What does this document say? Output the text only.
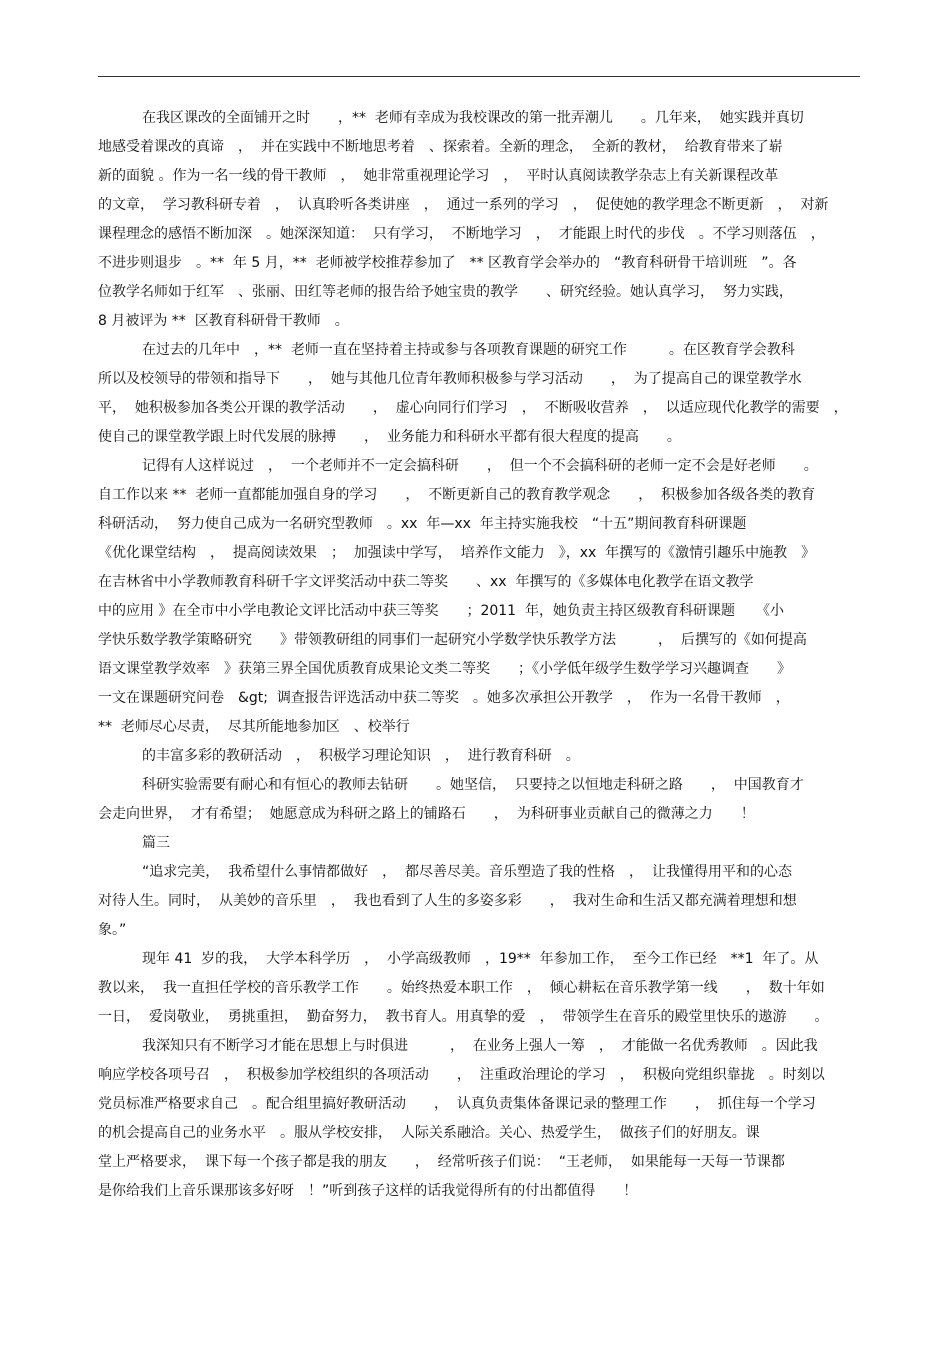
在我区课改的全面铺开之时　　，**  老师有幸成为我校课改的第一批弄潮儿　　。几年来，  她实践并真切
地感受着课改的真谛　，  并在实践中不断地思考着　、探索着。全新的理念，  全新的教材，  给教育带来了崭
新的面貌 。作为一名一线的骨干教师　，  她非常重视理论学习　，  平时认真阅读教学杂志上有关新课程改革
的文章，  学习教科研专着　，  认真聆听各类讲座　，  通过一系列的学习　，  促使她的教学理念不断更新　，  对新
课程理念的感悟不断加深　。她深深知道：  只有学习，  不断地学习　，  才能跟上时代的步伐　。不学习则落伍　，
不进步则退步　。**  年 5 月，**  老师被学校推荐参加了　** 区教育学会举办的　“教育科研骨干培训班　”。各
位教学名师如于红军　、张丽、田红等老师的报告给予她宝贵的教学　　、研究经验。她认真学习，  努力实践，
8 月被评为 **  区教育科研骨干教师　。
在过去的几年中　，**  老师一直在坚持着主持或参与各项教育课题的研究工作　　　。在区教育学会教科
所以及校领导的带领和指导下　　，  她与其他几位青年教师积极参与学习活动　　，  为了提高自己的课堂教学水
平，  她积极参加各类公开课的教学活动　　，  虚心向同行们学习　，  不断吸收营养　，  以适应现代化教学的需要　，
使自己的课堂教学跟上时代发展的脉搏　　，  业务能力和科研水平都有很大程度的提高　　。
记得有人这样说过　，  一个老师并不一定会搞科研　　，  但一个不会搞科研的老师一定不会是好老师　　。
自工作以来 **  老师一直都能加强自身的学习　　，  不断更新自己的教育教学观念　　，  积极参加各级各类的教育
科研活动，  努力使自己成为一名研究型教师　。xx  年—xx  年主持实施我校　“十五”期间教育科研课题
《优化课堂结构　，  提高阅读效果　；  加强读中学写，  培养作文能力　》，xx  年撰写的《激情引趣乐中施教　》
在吉林省中小学教师教育科研千字文评奖活动中获二等奖　　、xx  年撰写的《多媒体电化教学在语文教学
中的应用 》在全市中小学电教论文评比活动中获三等奖　　；2011  年，她负责主持区级教育科研课题　　《小
学快乐数学教学策略研究　　》带领教研组的同事们一起研究小学数学快乐教学方法　　　，  后撰写的《如何提高
语文课堂教学效率　》获第三界全国优质教育成果论文类二等奖　　；《小学低年级学生数学学习兴趣调查　　》
一文在课题研究问卷　&gt;  调查报告评选活动中获二等奖　。她多次承担公开教学　，  作为一名骨干教师　，
**  老师尽心尽责，  尽其所能地参加区　、校举行
的丰富多彩的教研活动　，  积极学习理论知识　，  进行教育科研　。
科研实验需要有耐心和有恒心的教师去钻研　　。她坚信，  只要持之以恒地走科研之路　　，  中国教育才
会走向世界，  才有希望；  她愿意成为科研之路上的铺路石　　，  为科研事业贡献自己的微薄之力　　！
篇三
“追求完美，  我希望什么事情都做好　，  都尽善尽美。音乐塑造了我的性格　，  让我懂得用平和的心态
对待人生。同时，  从美妙的音乐里　，  我也看到了人生的多姿多彩　　，  我对生命和生活又都充满着理想和想
象。”
现年 41  岁的我，  大学本科学历　，  小学高级教师　，19**  年参加工作，  至今工作已经　**1  年了。从
教以来，  我一直担任学校的音乐教学工作　　。始终热爱本职工作　，  倾心耕耘在音乐教学第一线　　，  数十年如
一日，  爱岗敬业，  勇挑重担，  勤奋努力，  教书育人。用真挚的爱　，  带领学生在音乐的殿堂里快乐的遨游　　。
我深知只有不断学习才能在思想上与时俱进　　　，  在业务上强人一筹　，  才能做一名优秀教师　。因此我
响应学校各项号召　，  积极参加学校组织的各项活动　　，  注重政治理论的学习　，  积极向党组织靠拢　。时刻以
党员标准严格要求自己　。配合组里搞好教研活动　　，  认真负责集体备课记录的整理工作　　，  抓住每一个学习
的机会提高自己的业务水平　。服从学校安排，  人际关系融洽。关心、热爱学生，  做孩子们的好朋友。课
堂上严格要求，  课下每一个孩子都是我的朋友　　，  经常听孩子们说：  “王老师，  如果能每一天每一节课都
是你给我们上音乐课那该多好呀　！”听到孩子这样的话我觉得所有的付出都值得　　！
